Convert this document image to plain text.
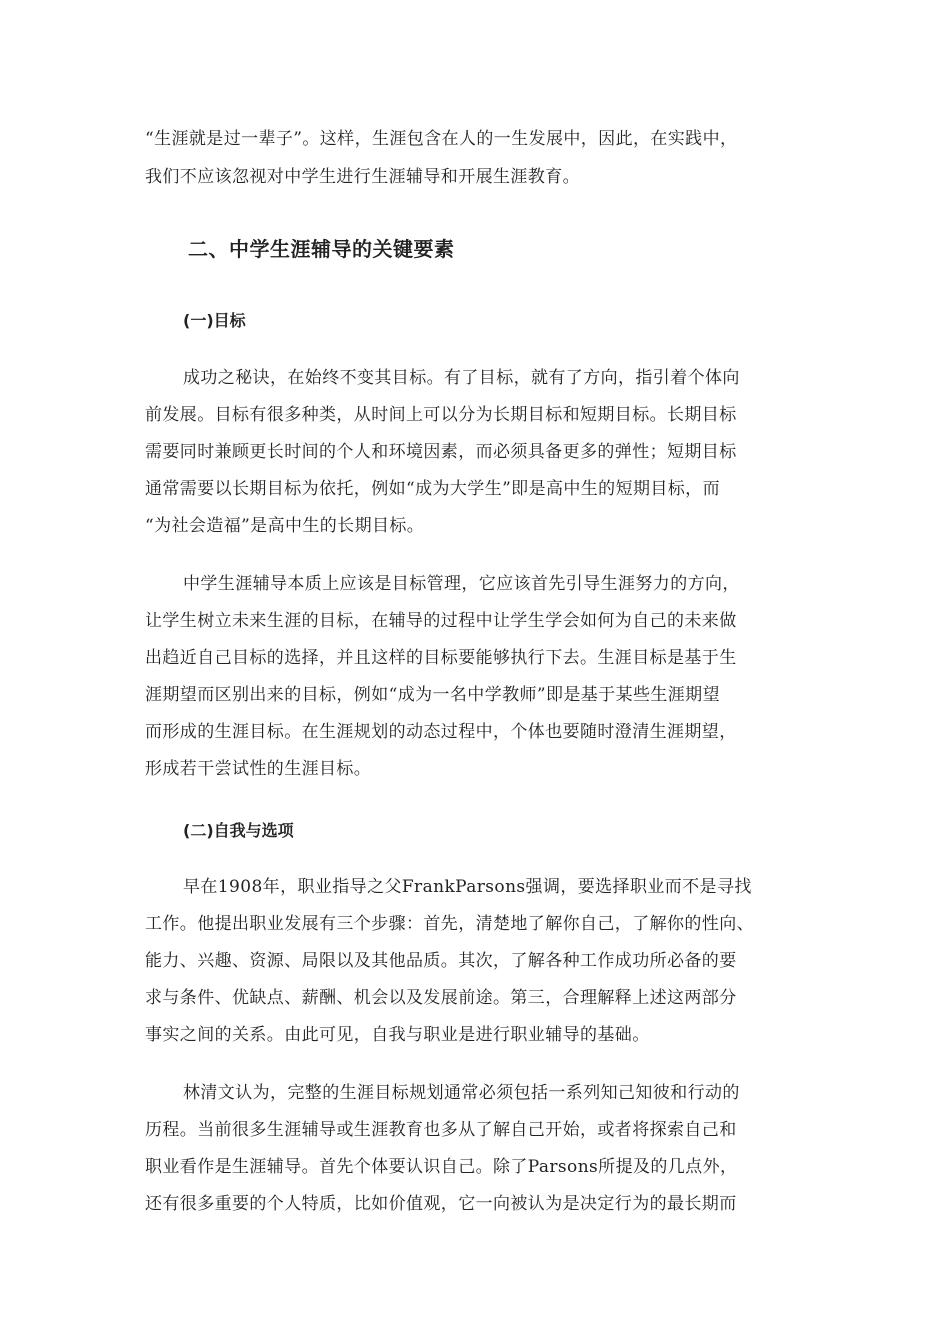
“生涯就是过一辈子”。这样，生涯包含在人的一生发展中，因此，在实践中，
我们不应该忽视对中学生进行生涯辅导和开展生涯教育。
二、中学生涯辅导的关键要素
(一)目标
成功之秘诀，在始终不变其目标。有了目标，就有了方向，指引着个体向
前发展。目标有很多种类，从时间上可以分为长期目标和短期目标。长期目标
需要同时兼顾更长时间的个人和环境因素，而必须具备更多的弹性；短期目标
通常需要以长期目标为依托，例如“成为大学生”即是高中生的短期目标，而
“为社会造福”是高中生的长期目标。
中学生涯辅导本质上应该是目标管理，它应该首先引导生涯努力的方向，
让学生树立未来生涯的目标，在辅导的过程中让学生学会如何为自己的未来做
出趋近自己目标的选择，并且这样的目标要能够执行下去。生涯目标是基于生
涯期望而区别出来的目标，例如“成为一名中学教师”即是基于某些生涯期望
而形成的生涯目标。在生涯规划的动态过程中，个体也要随时澄清生涯期望，
形成若干尝试性的生涯目标。
(二)自我与选项
早在1908年，职业指导之父FrankParsons强调，要选择职业而不是寻找
工作。他提出职业发展有三个步骤：首先，清楚地了解你自己，了解你的性向、
能力、兴趣、资源、局限以及其他品质。其次，了解各种工作成功所必备的要
求与条件、优缺点、薪酬、机会以及发展前途。第三，合理解释上述这两部分
事实之间的关系。由此可见，自我与职业是进行职业辅导的基础。
林清文认为，完整的生涯目标规划通常必须包括一系列知己知彼和行动的
历程。当前很多生涯辅导或生涯教育也多从了解自己开始，或者将探索自己和
职业看作是生涯辅导。首先个体要认识自己。除了Parsons所提及的几点外，
还有很多重要的个人特质，比如价值观，它一向被认为是决定行为的最长期而
